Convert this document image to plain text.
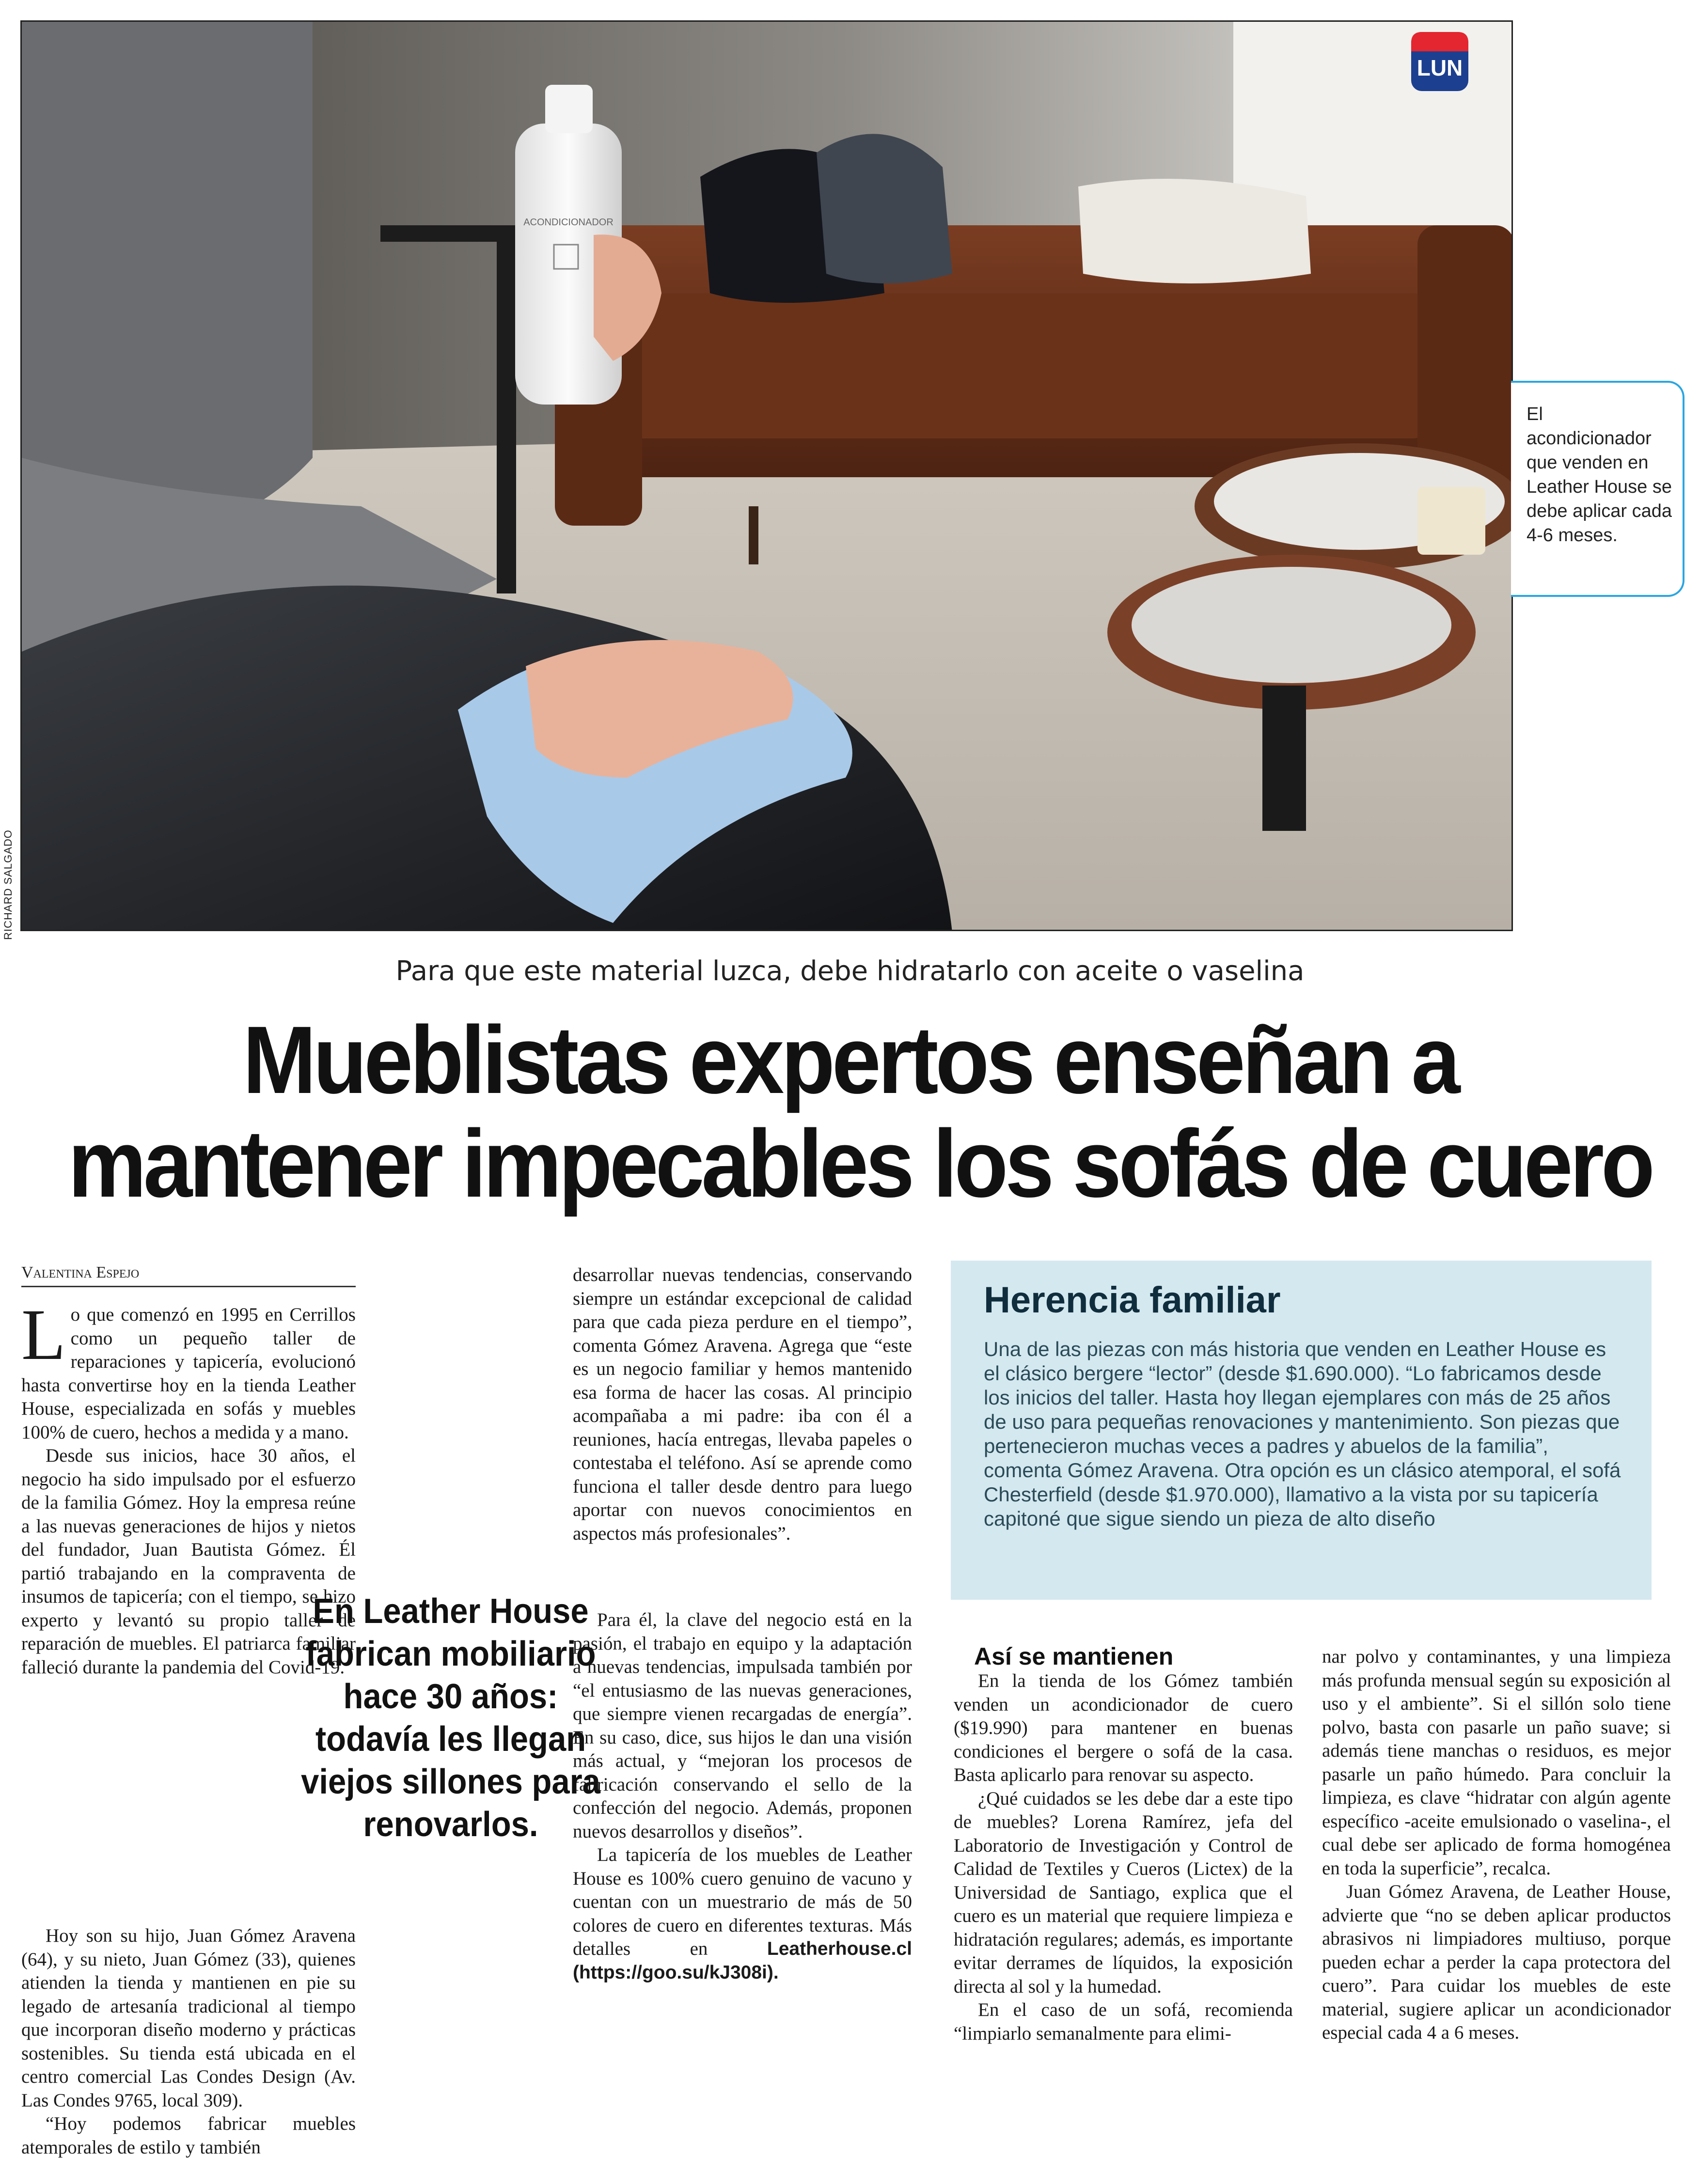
ACONDICIONADOR
RICHARD SALGADO
LUN
El acondicionador que venden en Leather House se debe aplicar cada 4-6 meses.
Para que este material luzca, debe hidratarlo con aceite o vaselina
Mueblistas expertos enseñan a
mantener impecables los sofás de cuero
Valentina Espejo

Lo que comenzó en 1995 en Cerrillos como un pequeño taller de reparaciones y tapicería, evolucionó hasta convertirse hoy en la tienda Leather House, especializada en sofás y muebles 100% de cuero, hechos a medida y a mano.

Desde sus inicios, hace 30 años, el negocio ha sido impulsado por el esfuerzo de la familia Gómez. Hoy la empresa reúne a las nuevas generaciones de hijos y nietos del fundador, Juan Bautista Gómez. Él partió trabajando en la compraventa de insumos de tapicería; con el tiempo, se hizo experto y levantó su propio taller de reparación de muebles. El patriarca familiar falleció durante la pandemia del Covid-19.

Hoy son su hijo, Juan Gómez Aravena (64), y su nieto, Juan Gómez (33), quienes atienden la tienda y mantienen en pie su legado de artesanía tradicional al tiempo que incorporan diseño moderno y prácticas sostenibles. Su tienda está ubicada en el centro comercial Las Condes Design (Av. Las Condes 9765, local 309).

“Hoy podemos fabricar muebles atemporales de estilo y también

desarrollar nuevas tendencias, conservando siempre un estándar excepcional de calidad para que cada pieza perdure en el tiempo”, comenta Gómez Aravena. Agrega que “este es un negocio familiar y hemos mantenido esa forma de hacer las cosas. Al principio acompañaba a mi padre: iba con él a reuniones, hacía entregas, llevaba papeles o contestaba el teléfono. Así se aprende como funciona el taller desde dentro para luego aportar con nuevos conocimientos en aspectos más profesionales”.

Para él, la clave del negocio está en la pasión, el trabajo en equipo y la adaptación a nuevas tendencias, impulsada también por “el entusiasmo de las nuevas generaciones, que siempre vienen recargadas de energía”. En su caso, dice, sus hijos le dan una visión más actual, y “mejoran los procesos de fabricación conservando el sello de la confección del negocio. Además, proponen nuevos desarrollos y diseños”.

La tapicería de los muebles de Leather House es 100% cuero genuino de vacuno y cuentan con un muestrario de más de 50 colores de cuero en diferentes texturas. Más detalles en	Leatherhouse.cl (https://goo.su/kJ308i).

En Leather House fabrican mobiliario hace 30 años: todavía les llegan viejos sillones para renovarlos.
Herencia familiar
Una de las piezas con más historia que venden en Leather House es el clásico bergere “lector” (desde $1.690.000). “Lo fabricamos desde los inicios del taller. Hasta hoy llegan ejemplares con más de 25 años de uso para pequeñas renovaciones y mantenimiento. Son piezas que pertenecieron muchas veces a padres y abuelos de la familia”, comenta Gómez Aravena. Otra opción es un clásico atemporal, el sofá Chesterfield (desde $1.970.000), llamativo a la vista por su tapicería capitoné que sigue siendo un pieza de alto diseño
Así se mantienen

En la tienda de los Gómez también venden un acondicionador de cuero ($19.990) para mantener en buenas condiciones el bergere o sofá de la casa. Basta aplicarlo para renovar su aspecto.

¿Qué cuidados se les debe dar a este tipo de muebles? Lorena Ramírez, jefa del Laboratorio de Investigación y Control de Calidad de Textiles y Cueros (Lictex) de la Universidad de Santiago, explica que el cuero es un material que requiere limpieza e hidratación regulares; además, es importante evitar derrames de líquidos, la exposición directa al sol y la humedad.

En el caso de un sofá, recomienda “limpiarlo semanalmente para elimi-

nar polvo y contaminantes, y una limpieza más profunda mensual según su exposición al uso y el ambiente”. Si el sillón solo tiene polvo, basta con pasarle un paño suave; si además tiene manchas o residuos, es mejor pasarle un paño húmedo. Para concluir la limpieza, es clave “hidratar con algún agente específico -aceite emulsionado o vaselina-, el cual debe ser aplicado de forma homogénea en toda la superficie”, recalca.

Juan Gómez Aravena, de Leather House, advierte que “no se deben aplicar productos abrasivos ni limpiadores multiuso, porque pueden echar a perder la capa protectora del cuero”. Para cuidar los muebles de este material, sugiere aplicar un acondicionador especial cada 4 a 6 meses.
